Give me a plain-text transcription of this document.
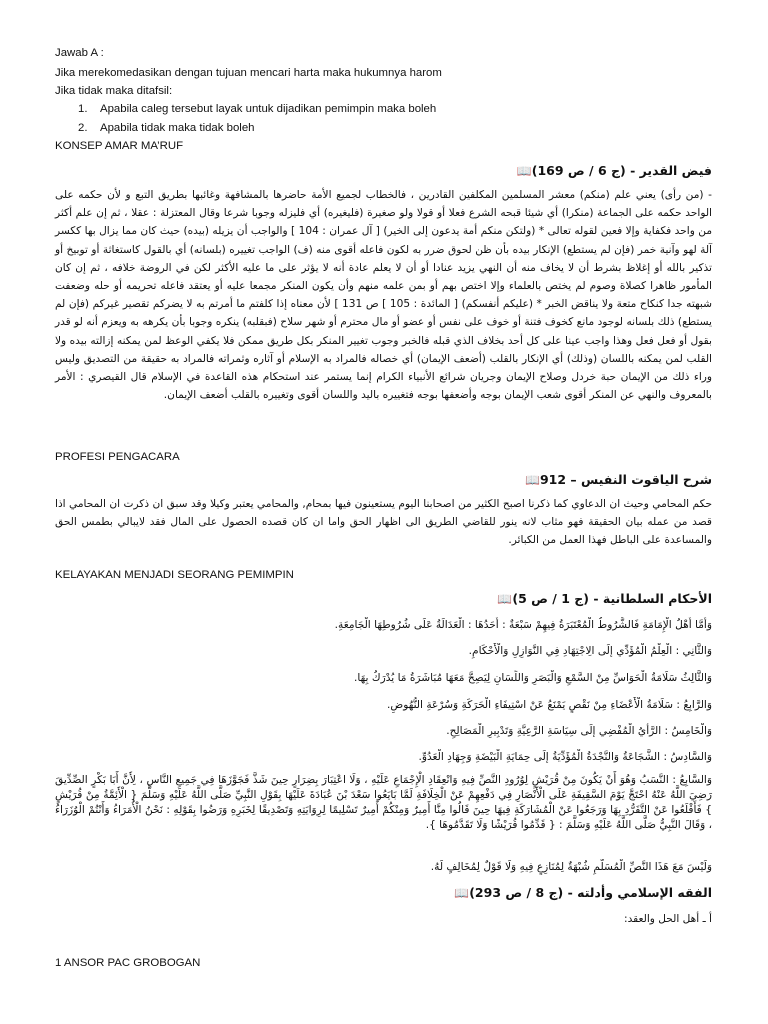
Jawab A :
Jika merekomedasikan dengan tujuan mencari harta maka hukumnya harom
Jika tidak maka ditafsil:
1. Apabila caleg tersebut layak untuk dijadikan pemimpin maka boleh
2. Apabila tidak maka tidak boleh
KONSEP AMAR MA’RUF
فيض القدير - (ج 6 / ص 169)📖
- (من رأى) يعني علم (منكم) معشر المسلمين المكلفين القادرين ، فالخطاب لجميع الأمة حاضرها بالمشافهة وغائبها بطريق التبع و لأن حكمه على الواحد حكمه على الجماعة (منكرا) أي شيئا قبحه الشرع فعلا أو قولا ولو صغيرة (فليغيره) أي فليزله وجوبا شرعا وقال المعتزلة : عقلا ، ثم إن علم أكثر من واحد فكفاية وإلا فعين لقوله تعالى * (ولتكن منكم أمة يدعون إلى الخير) [ آل عمران : 104 ] والواجب أن يزيله (بيده) حيث كان مما يزال بها ككسر آلة لهو وآنية خمر (فإن لم يستطع) الإنكار بيده بأن ظن لحوق ضرر به لكون فاعله أقوى منه (ف) الواجب تغييره (بلسانه) أي بالقول كاستغاثة أو توبيخ أو تذكير بالله أو إغلاظ بشرط أن لا يخاف منه أن النهي يزيد عنادا أو أن لا يعلم عادة أنه لا يؤثر على ما عليه الأكثر لكن في الروضة خلافه ، ثم إن كان المأمور ظاهرا كصلاة وصوم لم يختص بالعلماء وإلا اختص بهم أو بمن علمه منهم وأن يكون المنكر مجمعا عليه أو يعتقد فاعله تحريمه أو حله وضعفت شبهته جدا كنكاح متعة ولا يناقض الخبر * (عليكم أنفسكم) [ المائدة : 105 ] ص 131 ] لأن معناه إذا كلفتم ما أمرتم به لا يضركم تقصير غيركم (فإن لم يستطع) ذلك بلسانه لوجود مانع كخوف فتنة أو خوف على نفس أو عضو أو مال محترم أو شهر سلاح (فبقلبه) ينكره وجوبا بأن يكرهه به ويعزم أنه لو قدر بقول أو فعل فعل وهذا واجب عينا على كل أحد بخلاف الذي قبله فالخبر وجوب تغيير المنكر بكل طريق ممكن فلا يكفي الوعظ لمن يمكنه إزالته بيده ولا القلب لمن يمكنه باللسان (وذلك) أي الإنكار بالقلب (أضعف الإيمان) أي خصاله فالمراد به الإسلام أو آثاره وثمراته فالمراد به حقيقة من التصديق وليس وراء ذلك من الإيمان حبة خردل وصلاح الإيمان وجريان شرائع الأنبياء الكرام إنما يستمر عند استحكام هذه القاعدة في الإسلام قال القيصري : الأمر بالمعروف والنهي عن المنكر أقوى شعب الإيمان بوجه وأضعفها بوجه فتغييره باليد واللسان أقوى وتغييره بالقلب أضعف الإيمان.
PROFESI PENGACARA
شرح الياقوت النفيس – 912📖
حكم المحامي وحيث ان الدعاوي كما ذكرنا اصبح الكثير من اصحابنا اليوم يستعينون فيها بمحام, والمحامي يعتبر وكيلا وقد سبق ان ذكرت ان المحامي اذا قصد من عمله بيان الحقيقة فهو مثاب لانه ينور للقاضي الطريق الى اظهار الحق واما ان كان قصده الحصول على المال فقد لايبالي بطمس الحق والمساعدة على الباطل فهذا العمل من الكبائر.
KELAYAKAN MENJADI SEORANG PEMIMPIN
الأحكام السلطانية - (ج 1 / ص 5)📖
وَأَمَّا أَهْلُ الْإِمَامَةِ فَالشُّرُوطُ الْمُعْتَبَرَةُ فِيهِمْ سَبْعَةٌ : أَحَدُهَا : الْعَدَالَةُ عَلَى شُرُوطِهَا الْجَامِعَةِ.
وَالثَّانِي : الْعِلْمُ الْمُؤَدِّي إلَى الِاجْتِهَادِ فِي النَّوَازِلِ وَالْأَحْكَامِ.
وَالثَّالِثُ سَلَامَةُ الْحَوَاسِّ مِنْ السَّمْعِ وَالْبَصَرِ وَاللِّسَانِ لِيَصِحَّ مَعَهَا مُبَاشَرَةُ مَا يُدْرَكُ بِهَا.
وَالرَّابِعُ : سَلَامَةُ الْأَعْضَاءِ مِنْ نَقْصٍ يَمْنَعُ عَنْ اسْتِيفَاءِ الْحَرَكَةِ وَسُرْعَةِ النُّهُوضِ.
وَالْخَامِسُ : الرَّأْيُ الْمُفْضِي إلَى سِيَاسَةِ الرَّعِيَّةِ وَتَدْبِيرِ الْمَصَالِحِ.
وَالسَّادِسُ : الشَّجَاعَةُ وَالنَّجْدَةُ الْمُؤَدِّيَةُ إلَى حِمَايَةِ الْبَيْضَةِ وَجِهَادِ الْعَدُوِّ.
وَالسَّابِعُ : النَّسَبُ وَهُوَ أَنْ يَكُونَ مِنْ قُرَيْشٍ لِوُرُودِ النَّصِّ فِيهِ وَانْعِقَادِ الْإِجْمَاعِ عَلَيْهِ ، وَلَا اعْتِبَارَ بِضِرَارٍ حِينَ شَذَّ فَجَوَّزَهَا فِي جَمِيعِ النَّاسِ ، لِأَنَّ أَبَا بَكْرٍ الصِّدِّيقَ رَضِيَ اللَّهُ عَنْهُ احْتَجَّ يَوْمَ السَّقِيفَةِ عَلَى الْأَنْصَارِ فِي دَفْعِهِمْ عَنْ الْخِلَافَةِ لَمَّا بَايَعُوا سَعْدَ بْنَ عُبَادَةَ عَلَيْهَا بِقَوْلِ النَّبِيِّ صَلَّى اللَّهُ عَلَيْهِ وَسَلَّمَ { الْأَئِمَّةُ مِنْ قُرَيْشٍ } فَأَقْلَعُوا عَنْ التَّفَرُّدِ بِهَا وَرَجَعُوا عَنْ الْمُشَارَكَةِ فِيهَا حِينَ قَالُوا مِنَّا أَمِيرٌ وَمِنْكُمْ أَمِيرٌ تَسْلِيمًا لِرِوَايَتِهِ وَتَصْدِيقًا لِخَبَرِهِ وَرَضُوا بِقَوْلِهِ : نَحْنُ الْأُمَرَاءُ وَأَنْتُمْ الْوُزَرَاءُ ، وَقَالَ النَّبِيُّ صَلَّى اللَّهُ عَلَيْهِ وَسَلَّمَ : { قَدِّمُوا قُرَيْشًا وَلَا تَقَدَّمُوهَا }.
وَلَيْسَ مَعَ هَذَا النَّصِّ الْمُسَلَّمِ شُبْهَةٌ لِمُنَازِعٍ فِيهِ وَلَا قَوْلٌ لِمُخَالِفٍ لَهُ.
الفقه الإسلامي وأدلته - (ج 8 / ص 293)📖
أ ـ أهل الحل والعقد:
1 ANSOR PAC GROBOGAN
